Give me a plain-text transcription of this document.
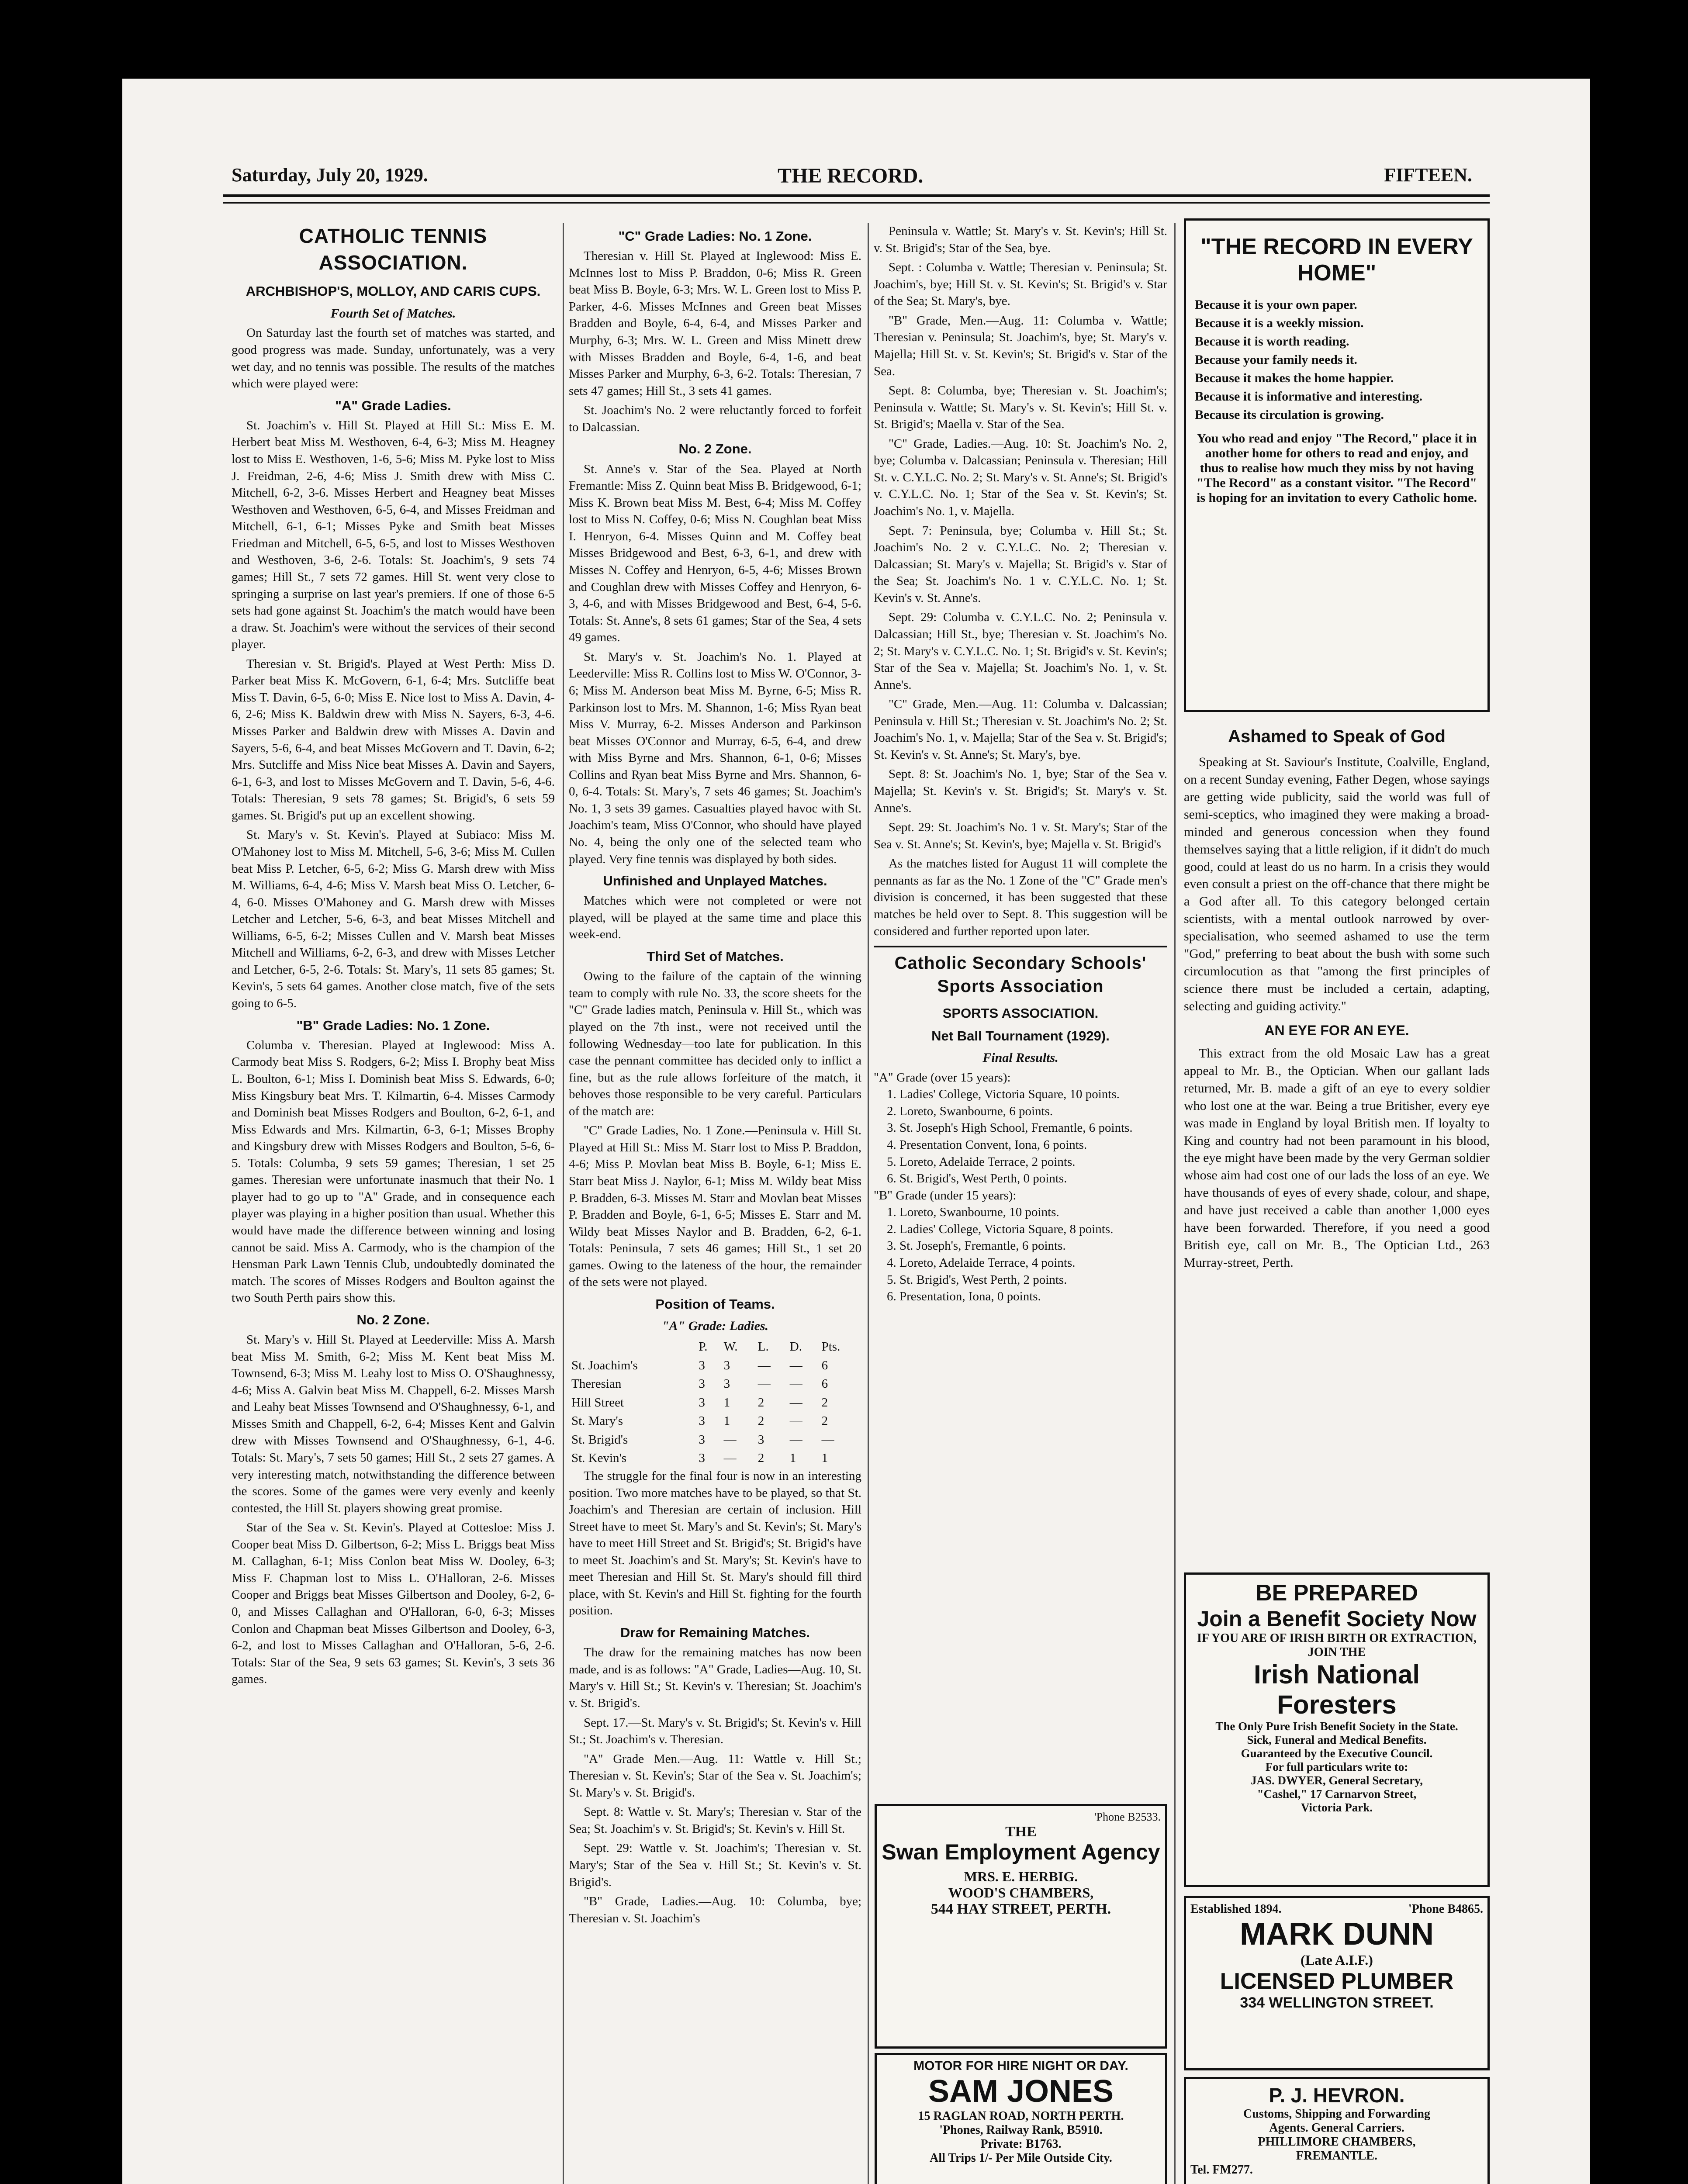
Saturday, July 20, 1929.	THE RECORD.	FIFTEEN.
CATHOLIC TENNIS ASSOCIATION.
ARCHBISHOP'S, MOLLOY, AND CARIS CUPS.
Fourth Set of Matches.

On Saturday last the fourth set of matches was started, and good progress was made. Sunday, unfortunately, was a very wet day, and no tennis was possible. The results of the matches which were played were:

"A" Grade Ladies.

St. Joachim's v. Hill St. Played at Hill St.: Miss E. M. Herbert beat Miss M. Westhoven, 6-4, 6-3; Miss M. Heagney lost to Miss E. Westhoven, 1-6, 5-6; Miss M. Pyke lost to Miss J. Freidman, 2-6, 4-6; Miss J. Smith drew with Miss C. Mitchell, 6-2, 3-6. Misses Herbert and Heagney beat Misses Westhoven and Westhoven, 6-5, 6-4, and Misses Freidman and Mitchell, 6-1, 6-1; Misses Pyke and Smith beat Misses Friedman and Mitchell, 6-5, 6-5, and lost to Misses Westhoven and Westhoven, 3-6, 2-6. Totals: St. Joachim's, 9 sets 74 games; Hill St., 7 sets 72 games. Hill St. went very close to springing a surprise on last year's premiers. If one of those 6-5 sets had gone against St. Joachim's the match would have been a draw. St. Joachim's were without the services of their second player.

Theresian v. St. Brigid's. Played at West Perth: Miss D. Parker beat Miss K. McGovern, 6-1, 6-4; Mrs. Sutcliffe beat Miss T. Davin, 6-5, 6-0; Miss E. Nice lost to Miss A. Davin, 4-6, 2-6; Miss K. Baldwin drew with Miss N. Sayers, 6-3, 4-6. Misses Parker and Baldwin drew with Misses A. Davin and Sayers, 5-6, 6-4, and beat Misses McGovern and T. Davin, 6-2; Mrs. Sutcliffe and Miss Nice beat Misses A. Davin and Sayers, 6-1, 6-3, and lost to Misses McGovern and T. Davin, 5-6, 4-6. Totals: Theresian, 9 sets 78 games; St. Brigid's, 6 sets 59 games. St. Brigid's put up an excellent showing.

St. Mary's v. St. Kevin's. Played at Subiaco: Miss M. O'Mahoney lost to Miss M. Mitchell, 5-6, 3-6; Miss M. Cullen beat Miss P. Letcher, 6-5, 6-2; Miss G. Marsh drew with Miss M. Williams, 6-4, 4-6; Miss V. Marsh beat Miss O. Letcher, 6-4, 6-0. Misses O'Mahoney and G. Marsh drew with Misses Letcher and Letcher, 5-6, 6-3, and beat Misses Mitchell and Williams, 6-5, 6-2; Misses Cullen and V. Marsh beat Misses Mitchell and Williams, 6-2, 6-3, and drew with Misses Letcher and Letcher, 6-5, 2-6. Totals: St. Mary's, 11 sets 85 games; St. Kevin's, 5 sets 64 games. Another close match, five of the sets going to 6-5.

"B" Grade Ladies: No. 1 Zone.

Columba v. Theresian. Played at Inglewood: Miss A. Carmody beat Miss S. Rodgers, 6-2; Miss I. Brophy beat Miss L. Boulton, 6-1; Miss I. Dominish beat Miss S. Edwards, 6-0; Miss Kingsbury beat Mrs. T. Kilmartin, 6-4. Misses Carmody and Dominish beat Misses Rodgers and Boulton, 6-2, 6-1, and Miss Edwards and Mrs. Kilmartin, 6-3, 6-1; Misses Brophy and Kingsbury drew with Misses Rodgers and Boulton, 5-6, 6-5. Totals: Columba, 9 sets 59 games; Theresian, 1 set 25 games. Theresian were unfortunate inasmuch that their No. 1 player had to go up to "A" Grade, and in consequence each player was playing in a higher position than usual. Whether this would have made the difference between winning and losing cannot be said. Miss A. Carmody, who is the champion of the Hensman Park Lawn Tennis Club, undoubtedly dominated the match. The scores of Misses Rodgers and Boulton against the two South Perth pairs show this.

No. 2 Zone.

St. Mary's v. Hill St. Played at Leederville: Miss A. Marsh beat Miss M. Smith, 6-2; Miss M. Kent beat Miss M. Townsend, 6-3; Miss M. Leahy lost to Miss O. O'Shaughnessy, 4-6; Miss A. Galvin beat Miss M. Chappell, 6-2. Misses Marsh and Leahy beat Misses Townsend and O'Shaughnessy, 6-1, and Misses Smith and Chappell, 6-2, 6-4; Misses Kent and Galvin drew with Misses Townsend and O'Shaughnessy, 6-1, 4-6. Totals: St. Mary's, 7 sets 50 games; Hill St., 2 sets 27 games. A very interesting match, notwithstanding the difference between the scores. Some of the games were very evenly and keenly contested, the Hill St. players showing great promise.

Star of the Sea v. St. Kevin's. Played at Cottesloe: Miss J. Cooper beat Miss D. Gilbertson, 6-2; Miss L. Briggs beat Miss M. Callaghan, 6-1; Miss Conlon beat Miss W. Dooley, 6-3; Miss F. Chapman lost to Miss L. O'Halloran, 2-6. Misses Cooper and Briggs beat Misses Gilbertson and Dooley, 6-2, 6-0, and Misses Callaghan and O'Halloran, 6-0, 6-3; Misses Conlon and Chapman beat Misses Gilbertson and Dooley, 6-3, 6-2, and lost to Misses Callaghan and O'Halloran, 5-6, 2-6. Totals: Star of the Sea, 9 sets 63 games; St. Kevin's, 3 sets 36 games.

"C" Grade Ladies: No. 1 Zone.

Theresian v. Hill St. Played at Inglewood: Miss E. McInnes lost to Miss P. Braddon, 0-6; Miss R. Green beat Miss B. Boyle, 6-3; Mrs. W. L. Green lost to Miss P. Parker, 4-6. Misses McInnes and Green beat Misses Bradden and Boyle, 6-4, 6-4, and Misses Parker and Murphy, 6-3; Mrs. W. L. Green and Miss Minett drew with Misses Bradden and Boyle, 6-4, 1-6, and beat Misses Parker and Murphy, 6-3, 6-2. Totals: Theresian, 7 sets 47 games; Hill St., 3 sets 41 games.

St. Joachim's No. 2 were reluctantly forced to forfeit to Dalcassian.

No. 2 Zone.

St. Anne's v. Star of the Sea. Played at North Fremantle: Miss Z. Quinn beat Miss B. Bridgewood, 6-1; Miss K. Brown beat Miss M. Best, 6-4; Miss M. Coffey lost to Miss N. Coffey, 0-6; Miss N. Coughlan beat Miss I. Henryon, 6-4. Misses Quinn and M. Coffey beat Misses Bridgewood and Best, 6-3, 6-1, and drew with Misses N. Coffey and Henryon, 6-5, 4-6; Misses Brown and Coughlan drew with Misses Coffey and Henryon, 6-3, 4-6, and with Misses Bridgewood and Best, 6-4, 5-6. Totals: St. Anne's, 8 sets 61 games; Star of the Sea, 4 sets 49 games.

St. Mary's v. St. Joachim's No. 1. Played at Leederville: Miss R. Collins lost to Miss W. O'Connor, 3-6; Miss M. Anderson beat Miss M. Byrne, 6-5; Miss R. Parkinson lost to Mrs. M. Shannon, 1-6; Miss Ryan beat Miss V. Murray, 6-2. Misses Anderson and Parkinson beat Misses O'Connor and Murray, 6-5, 6-4, and drew with Miss Byrne and Mrs. Shannon, 6-1, 0-6; Misses Collins and Ryan beat Miss Byrne and Mrs. Shannon, 6-0, 6-4. Totals: St. Mary's, 7 sets 46 games; St. Joachim's No. 1, 3 sets 39 games. Casualties played havoc with St. Joachim's team, Miss O'Connor, who should have played No. 4, being the only one of the selected team who played. Very fine tennis was displayed by both sides.

Unfinished and Unplayed Matches.

Matches which were not completed or were not played, will be played at the same time and place this week-end.

Third Set of Matches.

Owing to the failure of the captain of the winning team to comply with rule No. 33, the score sheets for the "C" Grade ladies match, Peninsula v. Hill St., which was played on the 7th inst., were not received until the following Wednesday—too late for publication. In this case the pennant committee has decided only to inflict a fine, but as the rule allows forfeiture of the match, it behoves those responsible to be very careful. Particulars of the match are:

"C" Grade Ladies, No. 1 Zone.—Peninsula v. Hill St. Played at Hill St.: Miss M. Starr lost to Miss P. Braddon, 4-6; Miss P. Movlan beat Miss B. Boyle, 6-1; Miss E. Starr beat Miss J. Naylor, 6-1; Miss M. Wildy beat Miss P. Bradden, 6-3. Misses M. Starr and Movlan beat Misses P. Bradden and Boyle, 6-1, 6-5; Misses E. Starr and M. Wildy beat Misses Naylor and B. Bradden, 6-2, 6-1. Totals: Peninsula, 7 sets 46 games; Hill St., 1 set 20 games. Owing to the lateness of the hour, the remainder of the sets were not played.

Position of Teams.
"A" Grade: Ladies.
	P.	W.	L.	D.	Pts.
St. Joachim's	3	3	—	—	6
Theresian	3	3	—	—	6
Hill Street	3	1	2	—	2
St. Mary's	3	1	2	—	2
St. Brigid's	3	—	3	—	—
St. Kevin's	3	—	2	1	1

The struggle for the final four is now in an interesting position. Two more matches have to be played, so that St. Joachim's and Theresian are certain of inclusion. Hill Street have to meet St. Mary's and St. Kevin's; St. Mary's have to meet Hill Street and St. Brigid's; St. Brigid's have to meet St. Joachim's and St. Mary's; St. Kevin's have to meet Theresian and Hill St. St. Mary's should fill third place, with St. Kevin's and Hill St. fighting for the fourth position.

Draw for Remaining Matches.

The draw for the remaining matches has now been made, and is as follows: "A" Grade, Ladies—Aug. 10, St. Mary's v. Hill St.; St. Kevin's v. Theresian; St. Joachim's v. St. Brigid's.

Sept. 17.—St. Mary's v. St. Brigid's; St. Kevin's v. Hill St.; St. Joachim's v. Theresian.

"A" Grade Men.—Aug. 11: Wattle v. Hill St.; Theresian v. St. Kevin's; Star of the Sea v. St. Joachim's; St. Mary's v. St. Brigid's.

Sept. 8: Wattle v. St. Mary's; Theresian v. Star of the Sea; St. Joachim's v. St. Brigid's; St. Kevin's v. Hill St.

Sept. 29: Wattle v. St. Joachim's; Theresian v. St. Mary's; Star of the Sea v. Hill St.; St. Kevin's v. St. Brigid's.

"B" Grade, Ladies.—Aug. 10: Columba, bye; Theresian v. St. Joachim's

Peninsula v. Wattle; St. Mary's v. St. Kevin's; Hill St. v. St. Brigid's; Star of the Sea, bye.

Sept. : Columba v. Wattle; Theresian v. Peninsula; St. Joachim's, bye; Hill St. v. St. Kevin's; St. Brigid's v. Star of the Sea; St. Mary's, bye.

"B" Grade, Men.—Aug. 11: Columba v. Wattle; Theresian v. Peninsula; St. Joachim's, bye; St. Mary's v. Majella; Hill St. v. St. Kevin's; St. Brigid's v. Star of the Sea.

Sept. 8: Columba, bye; Theresian v. St. Joachim's; Peninsula v. Wattle; St. Mary's v. St. Kevin's; Hill St. v. St. Brigid's; Maella v. Star of the Sea.

"C" Grade, Ladies.—Aug. 10: St. Joachim's No. 2, bye; Columba v. Dalcassian; Peninsula v. Theresian; Hill St. v. C.Y.L.C. No. 2; St. Mary's v. St. Anne's; St. Brigid's v. C.Y.L.C. No. 1; Star of the Sea v. St. Kevin's; St. Joachim's No. 1, v. Majella.

Sept. 7: Peninsula, bye; Columba v. Hill St.; St. Joachim's No. 2 v. C.Y.L.C. No. 2; Theresian v. Dalcassian; St. Mary's v. Majella; St. Brigid's v. Star of the Sea; St. Joachim's No. 1 v. C.Y.L.C. No. 1; St. Kevin's v. St. Anne's.

Sept. 29: Columba v. C.Y.L.C. No. 2; Peninsula v. Dalcassian; Hill St., bye; Theresian v. St. Joachim's No. 2; St. Mary's v. C.Y.L.C. No. 1; St. Brigid's v. St. Kevin's; Star of the Sea v. Majella; St. Joachim's No. 1, v. St. Anne's.

"C" Grade, Men.—Aug. 11: Columba v. Dalcassian; Peninsula v. Hill St.; Theresian v. St. Joachim's No. 2; St. Joachim's No. 1, v. Majella; Star of the Sea v. St. Brigid's; St. Kevin's v. St. Anne's; St. Mary's, bye.

Sept. 8: St. Joachim's No. 1, bye; Star of the Sea v. Majella; St. Kevin's v. St. Brigid's; St. Mary's v. St. Anne's.

Sept. 29: St. Joachim's No. 1 v. St. Mary's; Star of the Sea v. St. Anne's; St. Kevin's, bye; Majella v. St. Brigid's

As the matches listed for August 11 will complete the pennants as far as the No. 1 Zone of the "C" Grade men's division is concerned, it has been suggested that these matches be held over to Sept. 8. This suggestion will be considered and further reported upon later.

Catholic Secondary Schools' Sports Association
SPORTS ASSOCIATION.
Net Ball Tournament (1929).
Final Results.
"A" Grade (over 15 years):
1. Ladies' College, Victoria Square, 10 points.
2. Loreto, Swanbourne, 6 points.
3. St. Joseph's High School, Fremantle, 6 points.
4. Presentation Convent, Iona, 6 points.
5. Loreto, Adelaide Terrace, 2 points.
6. St. Brigid's, West Perth, 0 points.
"B" Grade (under 15 years):
1. Loreto, Swanbourne, 10 points.
2. Ladies' College, Victoria Square, 8 points.
3. St. Joseph's, Fremantle, 6 points.
4. Loreto, Adelaide Terrace, 4 points.
5. St. Brigid's, West Perth, 2 points.
6. Presentation, Iona, 0 points.
'Phone B2533.
THE
Swan Employment Agency
MRS. E. HERBIG.
WOOD'S CHAMBERS,
544 HAY STREET, PERTH.
MOTOR FOR HIRE NIGHT OR DAY.
SAM JONES
15 RAGLAN ROAD, NORTH PERTH.
'Phones, Railway Rank, B5910.
Private: B1763.
All Trips 1/- Per Mile Outside City.
"THE RECORD IN EVERY HOME"

Because it is your own paper.

Because it is a weekly mission.

Because it is worth reading.

Because your family needs it.

Because it makes the home happier.

Because it is informative and interesting.

Because its circulation is growing.

You who read and enjoy "The Record," place it in another home for others to read and enjoy, and thus to realise how much they miss by not having "The Record" as a constant visitor. "The Record" is hoping for an invitation to every Catholic home.

Ashamed to Speak of God

Speaking at St. Saviour's Institute, Coalville, England, on a recent Sunday evening, Father Degen, whose sayings are getting wide publicity, said the world was full of semi-sceptics, who imagined they were making a broad-minded and generous concession when they found themselves saying that a little religion, if it didn't do much good, could at least do us no harm. In a crisis they would even consult a priest on the off-chance that there might be a God after all. To this category belonged certain scientists, with a mental outlook narrowed by over-specialisation, who seemed ashamed to use the term "God," preferring to beat about the bush with some such circumlocution as that "among the first principles of science there must be included a certain, adapting, selecting and guiding activity."

AN EYE FOR AN EYE.

This extract from the old Mosaic Law has a great appeal to Mr. B., the Optician. When our gallant lads returned, Mr. B. made a gift of an eye to every soldier who lost one at the war. Being a true Britisher, every eye was made in England by loyal British men. If loyalty to King and country had not been paramount in his blood, the eye might have been made by the very German soldier whose aim had cost one of our lads the loss of an eye. We have thousands of eyes of every shade, colour, and shape, and have just received a cable than another 1,000 eyes have been forwarded. Therefore, if you need a good British eye, call on Mr. B., The Optician Ltd., 263 Murray-street, Perth.

BE PREPARED
Join a Benefit Society Now
IF YOU ARE OF IRISH BIRTH OR EXTRACTION, JOIN THE
Irish National Foresters
The Only Pure Irish Benefit Society in the State.
Sick, Funeral and Medical Benefits.
Guaranteed by the Executive Council.
For full particulars write to:
JAS. DWYER, General Secretary,
"Cashel," 17 Carnarvon Street,
Victoria Park.
Established 1894.	'Phone B4865.
MARK DUNN
(Late A.I.F.)
LICENSED PLUMBER
334 WELLINGTON STREET.
P. J. HEVRON.
Customs, Shipping and Forwarding
Agents. General Carriers.
PHILLIMORE CHAMBERS,
FREMANTLE.
Tel. FM277.
